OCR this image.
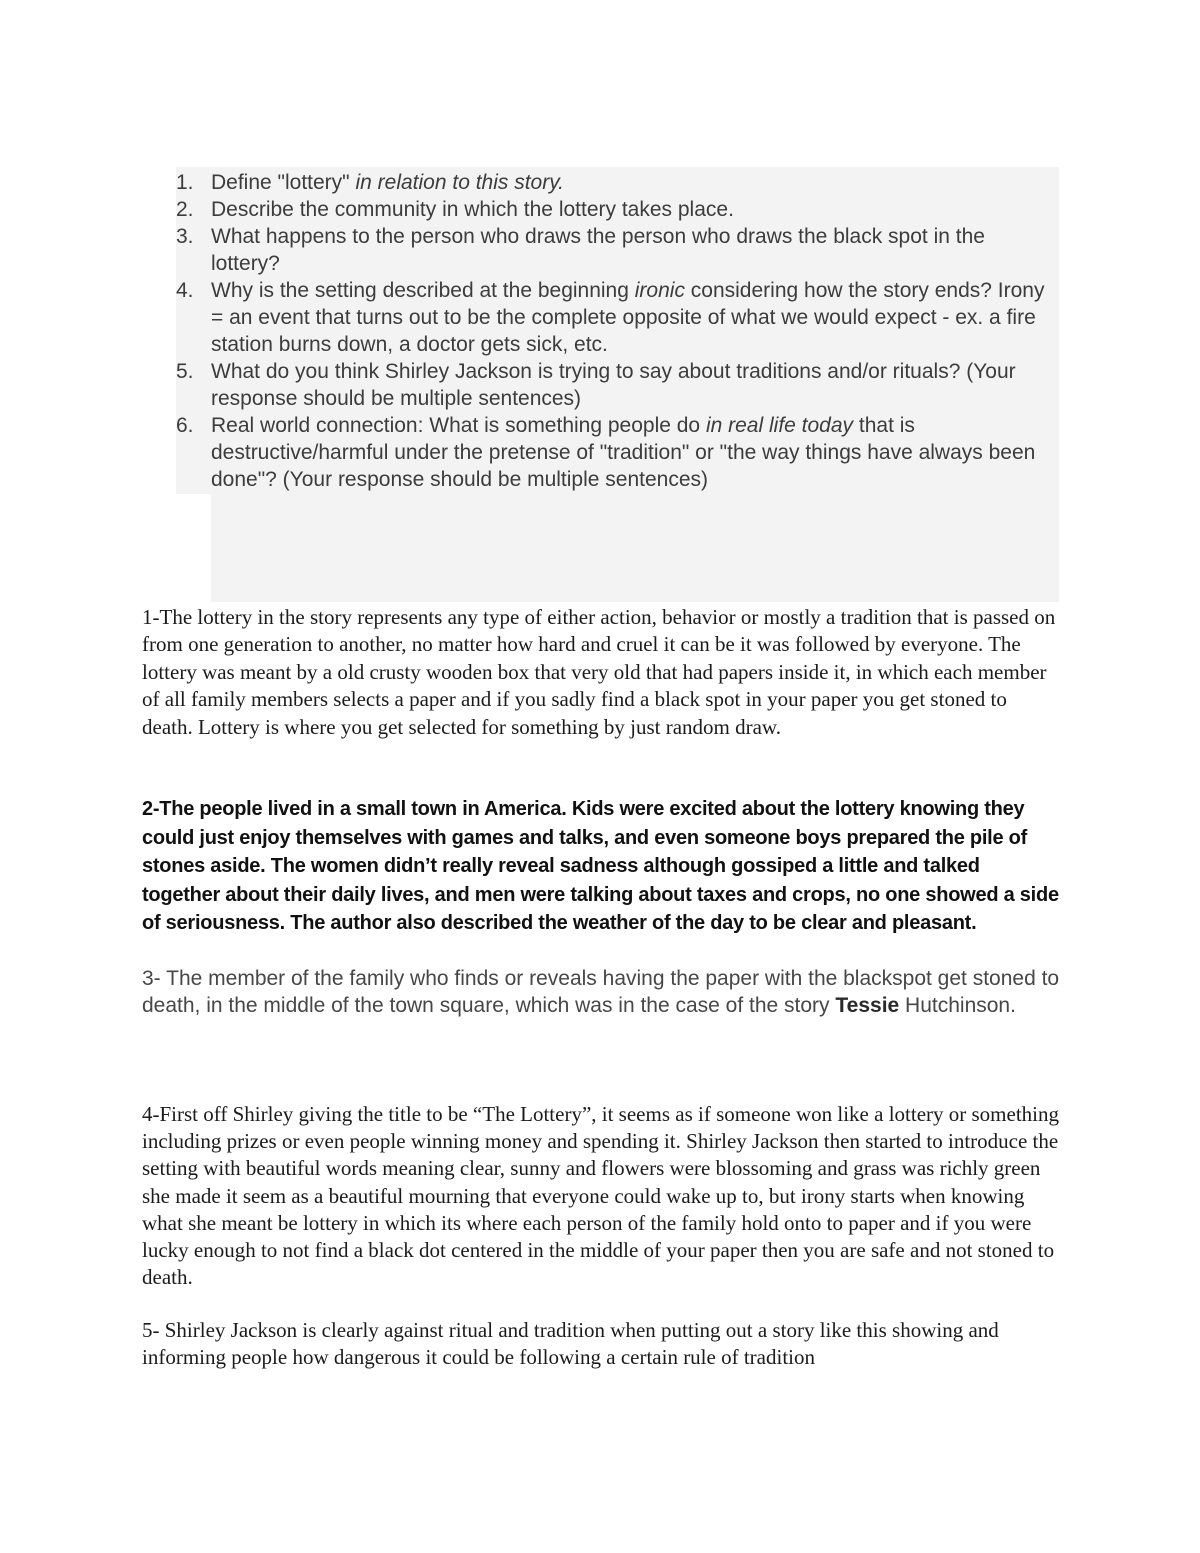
1. Define "lottery" in relation to this story.
2. Describe the community in which the lottery takes place.
3. What happens to the person who draws the person who draws the black spot in the lottery?
4. Why is the setting described at the beginning ironic considering how the story ends? Irony = an event that turns out to be the complete opposite of what we would expect - ex. a fire station burns down, a doctor gets sick, etc.
5. What do you think Shirley Jackson is trying to say about traditions and/or rituals? (Your response should be multiple sentences)
6. Real world connection: What is something people do in real life today that is destructive/harmful under the pretense of "tradition" or "the way things have always been done"? (Your response should be multiple sentences)

1-The lottery in the story represents any type of either action, behavior or mostly a tradition that is passed on from one generation to another, no matter how hard and cruel it can be it was followed by everyone. The lottery was meant by a old crusty wooden box that very old that had papers inside it, in which each member of all family members selects a paper and if you sadly find a black spot in your paper you get stoned to death. Lottery is where you get selected for something by just random draw.

2-The people lived in a small town in America. Kids were excited about the lottery knowing they could just enjoy themselves with games and talks, and even someone boys prepared the pile of stones aside. The women didn’t really reveal sadness although gossiped a little and talked together about their daily lives, and men were talking about taxes and crops, no one showed a side of seriousness. The author also described the weather of the day to be clear and pleasant.

3- The member of the family who finds or reveals having the paper with the blackspot get stoned to death, in the middle of the town square, which was in the case of the story Tessie Hutchinson.

4-First off Shirley giving the title to be “The Lottery”, it seems as if someone won like a lottery or something including prizes or even people winning money and spending it. Shirley Jackson then started to introduce the setting with beautiful words meaning clear, sunny and flowers were blossoming and grass was richly green she made it seem as a beautiful mourning that everyone could wake up to, but irony starts when knowing what she meant be lottery in which its where each person of the family hold onto to paper and if you were lucky enough to not find a black dot centered in the middle of your paper then you are safe and not stoned to death.

5- Shirley Jackson is clearly against ritual and tradition when putting out a story like this showing and informing people how dangerous it could be following a certain rule of tradition
